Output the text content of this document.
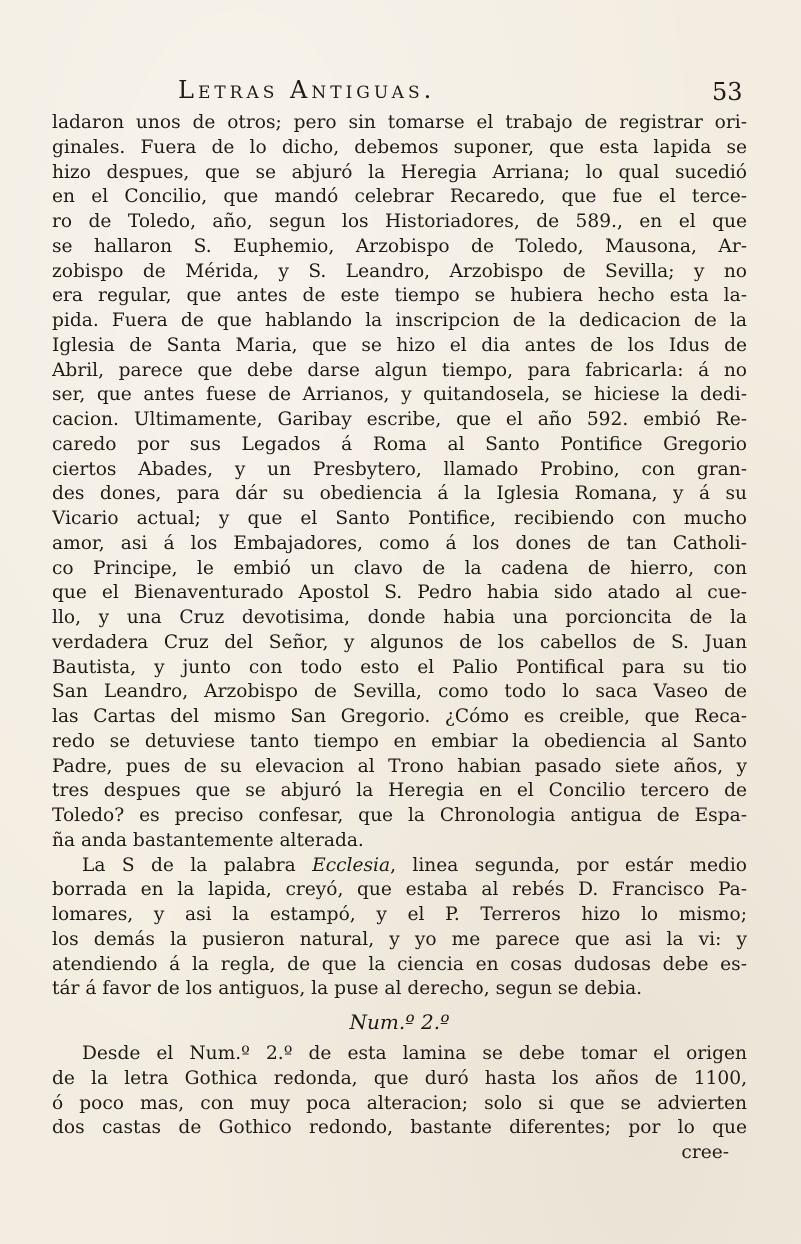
Letras Antiguas.	53
ladaron unos de otros; pero sin tomarse el trabajo de registrar ori-
ginales. Fuera de lo dicho, debemos suponer, que esta lapida se
hizo despues, que se abjuró la Heregia Arriana; lo qual sucedió
en el Concilio, que mandó celebrar Recaredo, que fue el terce-
ro de Toledo, año, segun los Historiadores, de 589., en el que
se hallaron S. Euphemio, Arzobispo de Toledo, Mausona, Ar-
zobispo de Mérida, y S. Leandro, Arzobispo de Sevilla; y no
era regular, que antes de este tiempo se hubiera hecho esta la-
pida. Fuera de que hablando la inscripcion de la dedicacion de la
Iglesia de Santa Maria, que se hizo el dia antes de los Idus de
Abril, parece que debe darse algun tiempo, para fabricarla: á no
ser, que antes fuese de Arrianos, y quitandosela, se hiciese la dedi-
cacion. Ultimamente, Garibay escribe, que el año 592. embió Re-
caredo por sus Legados á Roma al Santo Pontifice Gregorio
ciertos Abades, y un Presbytero, llamado Probino, con gran-
des dones, para dár su obediencia á la Iglesia Romana, y á su
Vicario actual; y que el Santo Pontifice, recibiendo con mucho
amor, asi á los Embajadores, como á los dones de tan Catholi-
co Principe, le embió un clavo de la cadena de hierro, con
que el Bienaventurado Apostol S. Pedro habia sido atado al cue-
llo, y una Cruz devotisima, donde habia una porcioncita de la
verdadera Cruz del Señor, y algunos de los cabellos de S. Juan
Bautista, y junto con todo esto el Palio Pontifical para su tio
San Leandro, Arzobispo de Sevilla, como todo lo saca Vaseo de
las Cartas del mismo San Gregorio. ¿Cómo es creible, que Reca-
redo se detuviese tanto tiempo en embiar la obediencia al Santo
Padre, pues de su elevacion al Trono habian pasado siete años, y
tres despues que se abjuró la Heregia en el Concilio tercero de
Toledo? es preciso confesar, que la Chronologia antigua de Espa-
ña anda bastantemente alterada.
La S de la palabra Ecclesia, linea segunda, por estár medio
borrada en la lapida, creyó, que estaba al rebés D. Francisco Pa-
lomares, y asi la estampó, y el P. Terreros hizo lo mismo;
los demás la pusieron natural, y yo me parece que asi la vi: y
atendiendo á la regla, de que la ciencia en cosas dudosas debe es-
tár á favor de los antiguos, la puse al derecho, segun se debia.
Num.º 2.º
Desde el Num.º 2.º de esta lamina se debe tomar el origen
de la letra Gothica redonda, que duró hasta los años de 1100,
ó poco mas, con muy poca alteracion; solo si que se advierten
dos castas de Gothico redondo, bastante diferentes; por lo que
cree-
